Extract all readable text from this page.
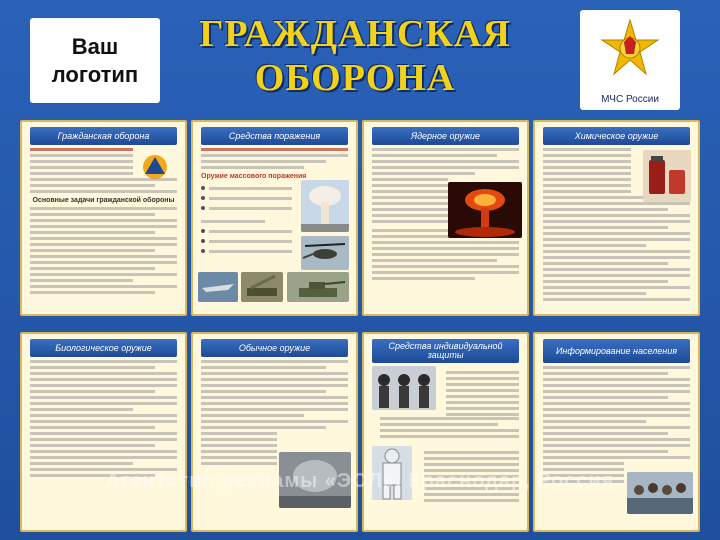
Ваш
логотип
ГРАЖДАНСКАЯ
ОБОРОНА
МЧС России
Гражданская оборона
Основные задачи гражданской обороны
Средства поражения
Оружие массового поражения
Ядерное оружие	Химическое оружие
Биологическое оружие	Обычное оружие	Средства индивидуальной защиты	Информирование населения
Агентство рекламы «ЭОЛ», Краснодар, Россия
